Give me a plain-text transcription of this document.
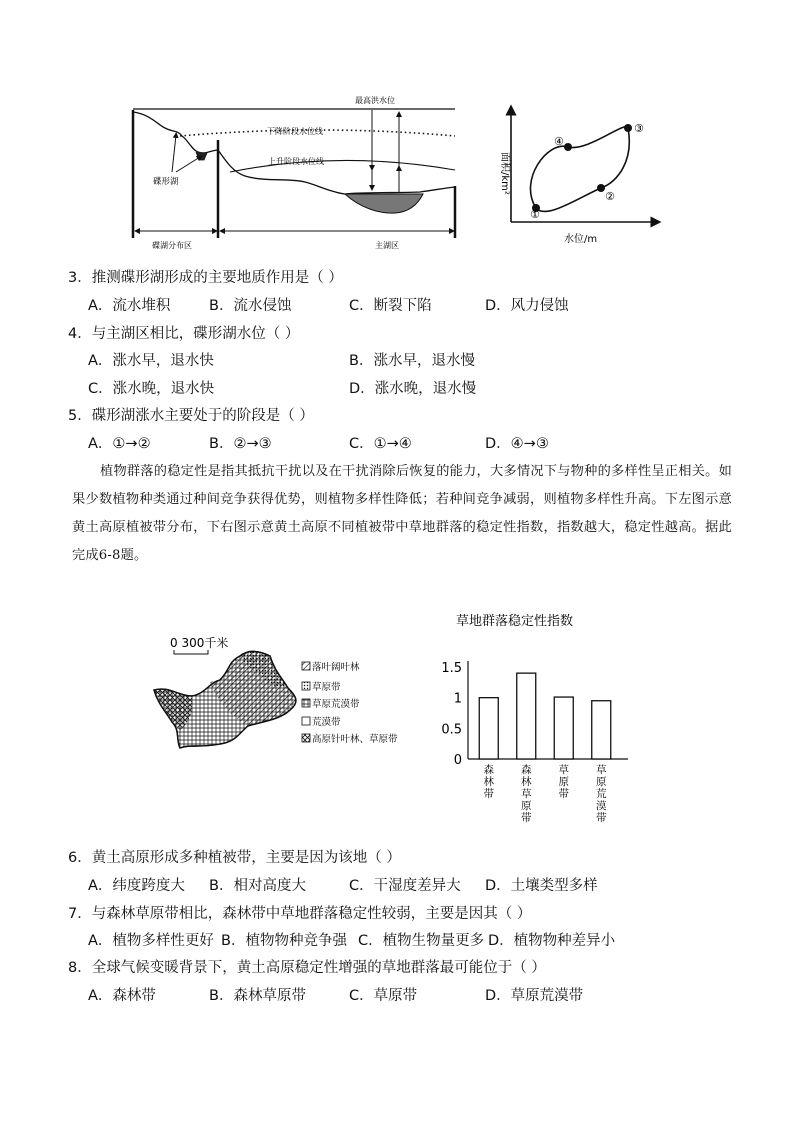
最高洪水位
下降阶段水位线
上升阶段水位线
碟形湖
碟湖分布区	主湖区
①
②
③
④
面积/km²
水位/m
3．推测碟形湖形成的主要地质作用是（ ）
A．流水堆积	B．流水侵蚀	C．断裂下陷	D．风力侵蚀
4．与主湖区相比，碟形湖水位（ ）
A．涨水早，退水快	B．涨水早，退水慢
C．涨水晚，退水快	D．涨水晚，退水慢
5．碟形湖涨水主要处于的阶段是（ ）
A．①→②	B．②→③	C．①→④	D．④→③

植物群落的稳定性是指其抵抗干扰以及在干扰消除后恢复的能力，大多情况下与物种的多样性呈正相关。如果少数植物种类通过种间竞争获得优势，则植物多样性降低；若种间竞争减弱，则植物多样性升高。下左图示意黄土高原植被带分布，下右图示意黄土高原不同植被带中草地群落的稳定性指数，指数越大，稳定性越高。据此完成6-8题。

0 300千米
落叶阔叶林
草原带
草原荒漠带
荒漠带
高原针叶林、草原带
草地群落稳定性指数
0
0.5
1
1.5
森林带
森林草原带
草原带
草原荒漠带
6．黄土高原形成多种植被带，主要是因为该地（ ）
A．纬度跨度大 B．相对高度大	C．干湿度差异大 D．土壤类型多样
7．与森林草原带相比，森林带中草地群落稳定性较弱，主要是因其（ ）
A．植物多样性更好 B．植物物种竞争强 C．植物生物量更多 D．植物物种差异小
8．全球气候变暖背景下，黄土高原稳定性增强的草地群落最可能位于（ ）
A．森林带	B．森林草原带	C．草原带	D．草原荒漠带
